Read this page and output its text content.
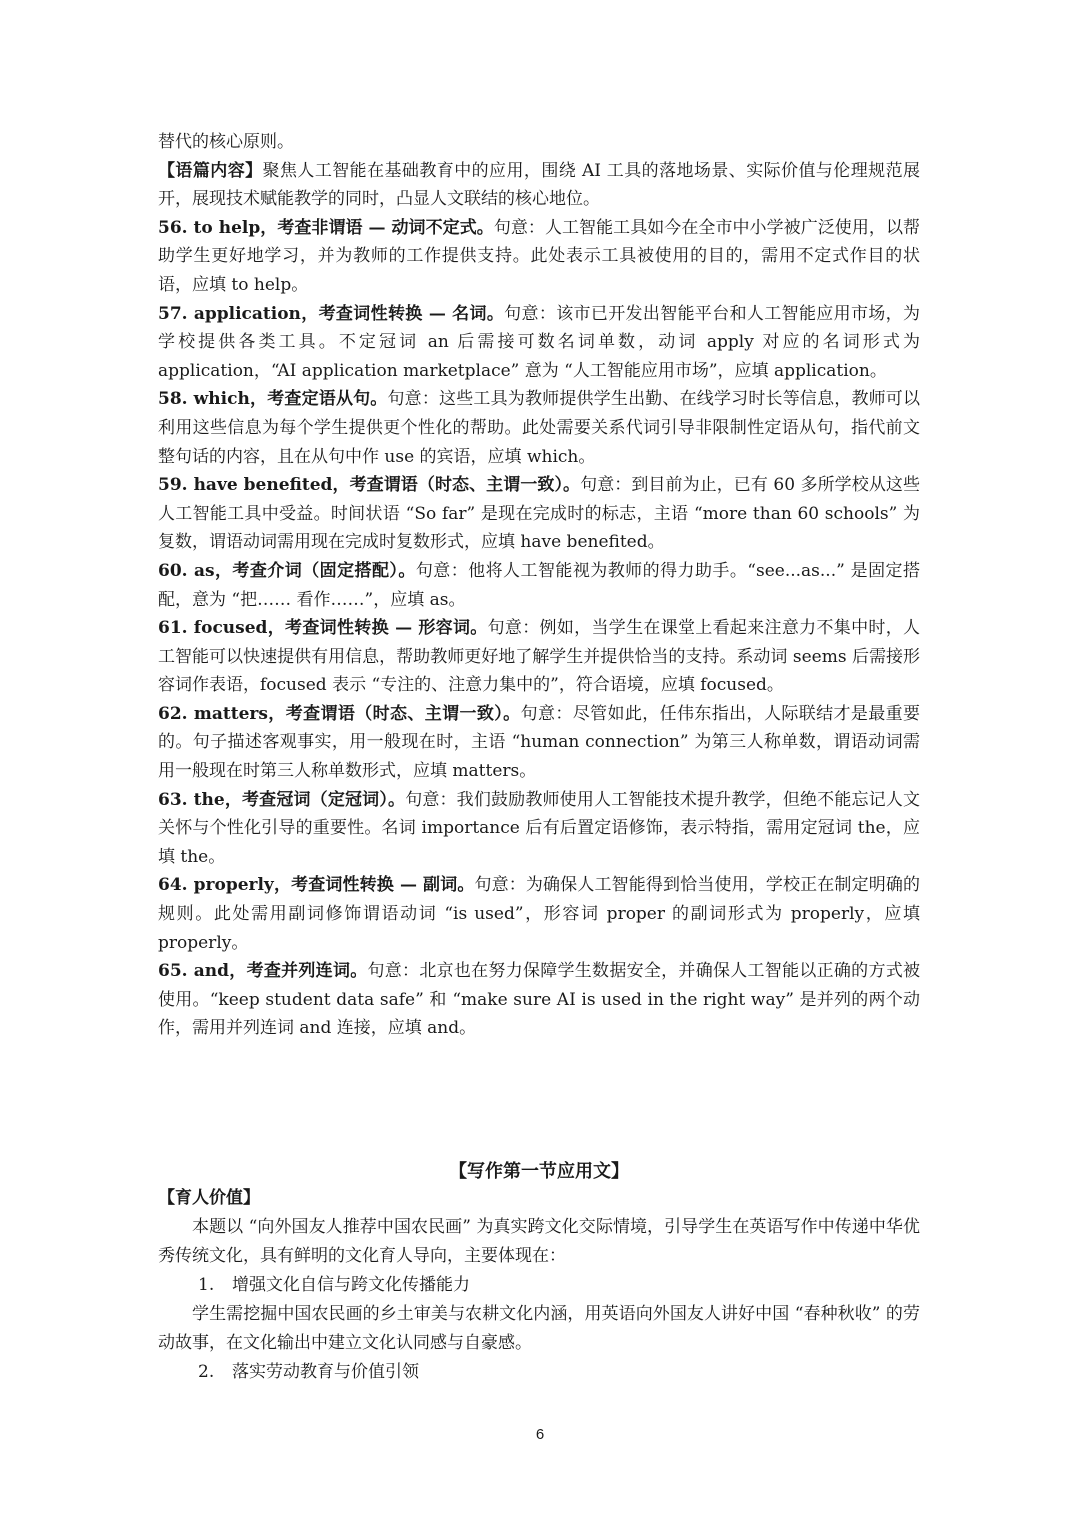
替代的核心原则。

【语篇内容】聚焦人工智能在基础教育中的应用，围绕 AI 工具的落地场景、实际价值与伦理规范展开，展现技术赋能教学的同时，凸显人文联结的核心地位。

56. to help，考查非谓语 — 动词不定式。句意：人工智能工具如今在全市中小学被广泛使用，以帮助学生更好地学习，并为教师的工作提供支持。此处表示工具被使用的目的，需用不定式作目的状语，应填 to help。

57. application，考查词性转换 — 名词。句意：该市已开发出智能平台和人工智能应用市场，为学校提供各类工具。不定冠词 an 后需接可数名词单数，动词 apply 对应的名词形式为 application，“AI application marketplace” 意为 “人工智能应用市场”，应填 application。

58. which，考查定语从句。句意：这些工具为教师提供学生出勤、在线学习时长等信息，教师可以利用这些信息为每个学生提供更个性化的帮助。此处需要关系代词引导非限制性定语从句，指代前文整句话的内容，且在从句中作 use 的宾语，应填 which。

59. have benefited，考查谓语（时态、主谓一致）。句意：到目前为止，已有 60 多所学校从这些人工智能工具中受益。时间状语 “So far” 是现在完成时的标志，主语 “more than 60 schools” 为复数，谓语动词需用现在完成时复数形式，应填 have benefited。

60. as，考查介词（固定搭配）。句意：他将人工智能视为教师的得力助手。“see...as...” 是固定搭配，意为 “把…… 看作……”，应填 as。

61. focused，考查词性转换 — 形容词。句意：例如，当学生在课堂上看起来注意力不集中时，人工智能可以快速提供有用信息，帮助教师更好地了解学生并提供恰当的支持。系动词 seems 后需接形容词作表语，focused 表示 “专注的、注意力集中的”，符合语境，应填 focused。

62. matters，考查谓语（时态、主谓一致）。句意：尽管如此，任伟东指出，人际联结才是最重要的。句子描述客观事实，用一般现在时，主语 “human connection” 为第三人称单数，谓语动词需用一般现在时第三人称单数形式，应填 matters。

63. the，考查冠词（定冠词）。句意：我们鼓励教师使用人工智能技术提升教学，但绝不能忘记人文关怀与个性化引导的重要性。名词 importance 后有后置定语修饰，表示特指，需用定冠词 the，应填 the。

64. properly，考查词性转换 — 副词。句意：为确保人工智能得到恰当使用，学校正在制定明确的规则。此处需用副词修饰谓语动词 “is used”，形容词 proper 的副词形式为 properly，应填 properly。

65. and，考查并列连词。句意：北京也在努力保障学生数据安全，并确保人工智能以正确的方式被使用。“keep student data safe” 和 “make sure AI is used in the right way” 是并列的两个动作，需用并列连词 and 连接，应填 and。

【写作第一节应用文】

【育人价值】

本题以 “向外国友人推荐中国农民画” 为真实跨文化交际情境，引导学生在英语写作中传递中华优秀传统文化，具有鲜明的文化育人导向，主要体现在：

1. 增强文化自信与跨文化传播能力

学生需挖掘中国农民画的乡土审美与农耕文化内涵，用英语向外国友人讲好中国 “春种秋收” 的劳动故事，在文化输出中建立文化认同感与自豪感。

2. 落实劳动教育与价值引领

6
